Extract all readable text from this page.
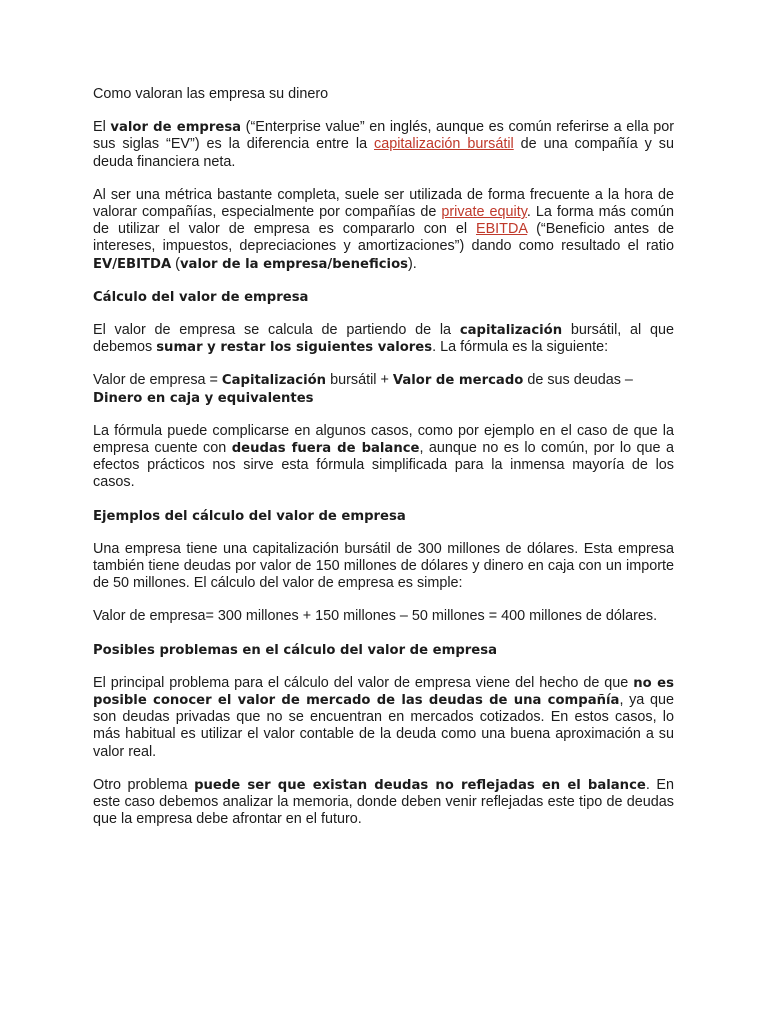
Como valoran las empresa su dinero

El valor de empresa (“Enterprise value” en inglés, aunque es común referirse a ella por sus siglas “EV”) es la diferencia entre la capitalización bursátil de una compañía y su deuda financiera neta.

Al ser una métrica bastante completa, suele ser utilizada de forma frecuente a la hora de valorar compañías, especialmente por compañías de private equity. La forma más común de utilizar el valor de empresa es compararlo con el EBITDA (“Beneficio antes de intereses, impuestos, depreciaciones y amortizaciones”) dando como resultado el ratio EV/EBITDA (valor de la empresa/beneficios).

Cálculo del valor de empresa

El valor de empresa se calcula de partiendo de la capitalización bursátil, al que debemos sumar y restar los siguientes valores. La fórmula es la siguiente:

Valor de empresa = Capitalización bursátil + Valor de mercado de sus deudas – Dinero en caja y equivalentes

La fórmula puede complicarse en algunos casos, como por ejemplo en el caso de que la empresa cuente con deudas fuera de balance, aunque no es lo común, por lo que a efectos prácticos nos sirve esta fórmula simplificada para la inmensa mayoría de los casos.

Ejemplos del cálculo del valor de empresa

Una empresa tiene una capitalización bursátil de 300 millones de dólares. Esta empresa también tiene deudas por valor de 150 millones de dólares y dinero en caja con un importe de 50 millones. El cálculo del valor de empresa es simple:

Valor de empresa= 300 millones + 150 millones – 50 millones = 400 millones de dólares.

Posibles problemas en el cálculo del valor de empresa

El principal problema para el cálculo del valor de empresa viene del hecho de que no es posible conocer el valor de mercado de las deudas de una compañía, ya que son deudas privadas que no se encuentran en mercados cotizados. En estos casos, lo más habitual es utilizar el valor contable de la deuda como una buena aproximación a su valor real.

Otro problema puede ser que existan deudas no reflejadas en el balance. En este caso debemos analizar la memoria, donde deben venir reflejadas este tipo de deudas que la empresa debe afrontar en el futuro.
